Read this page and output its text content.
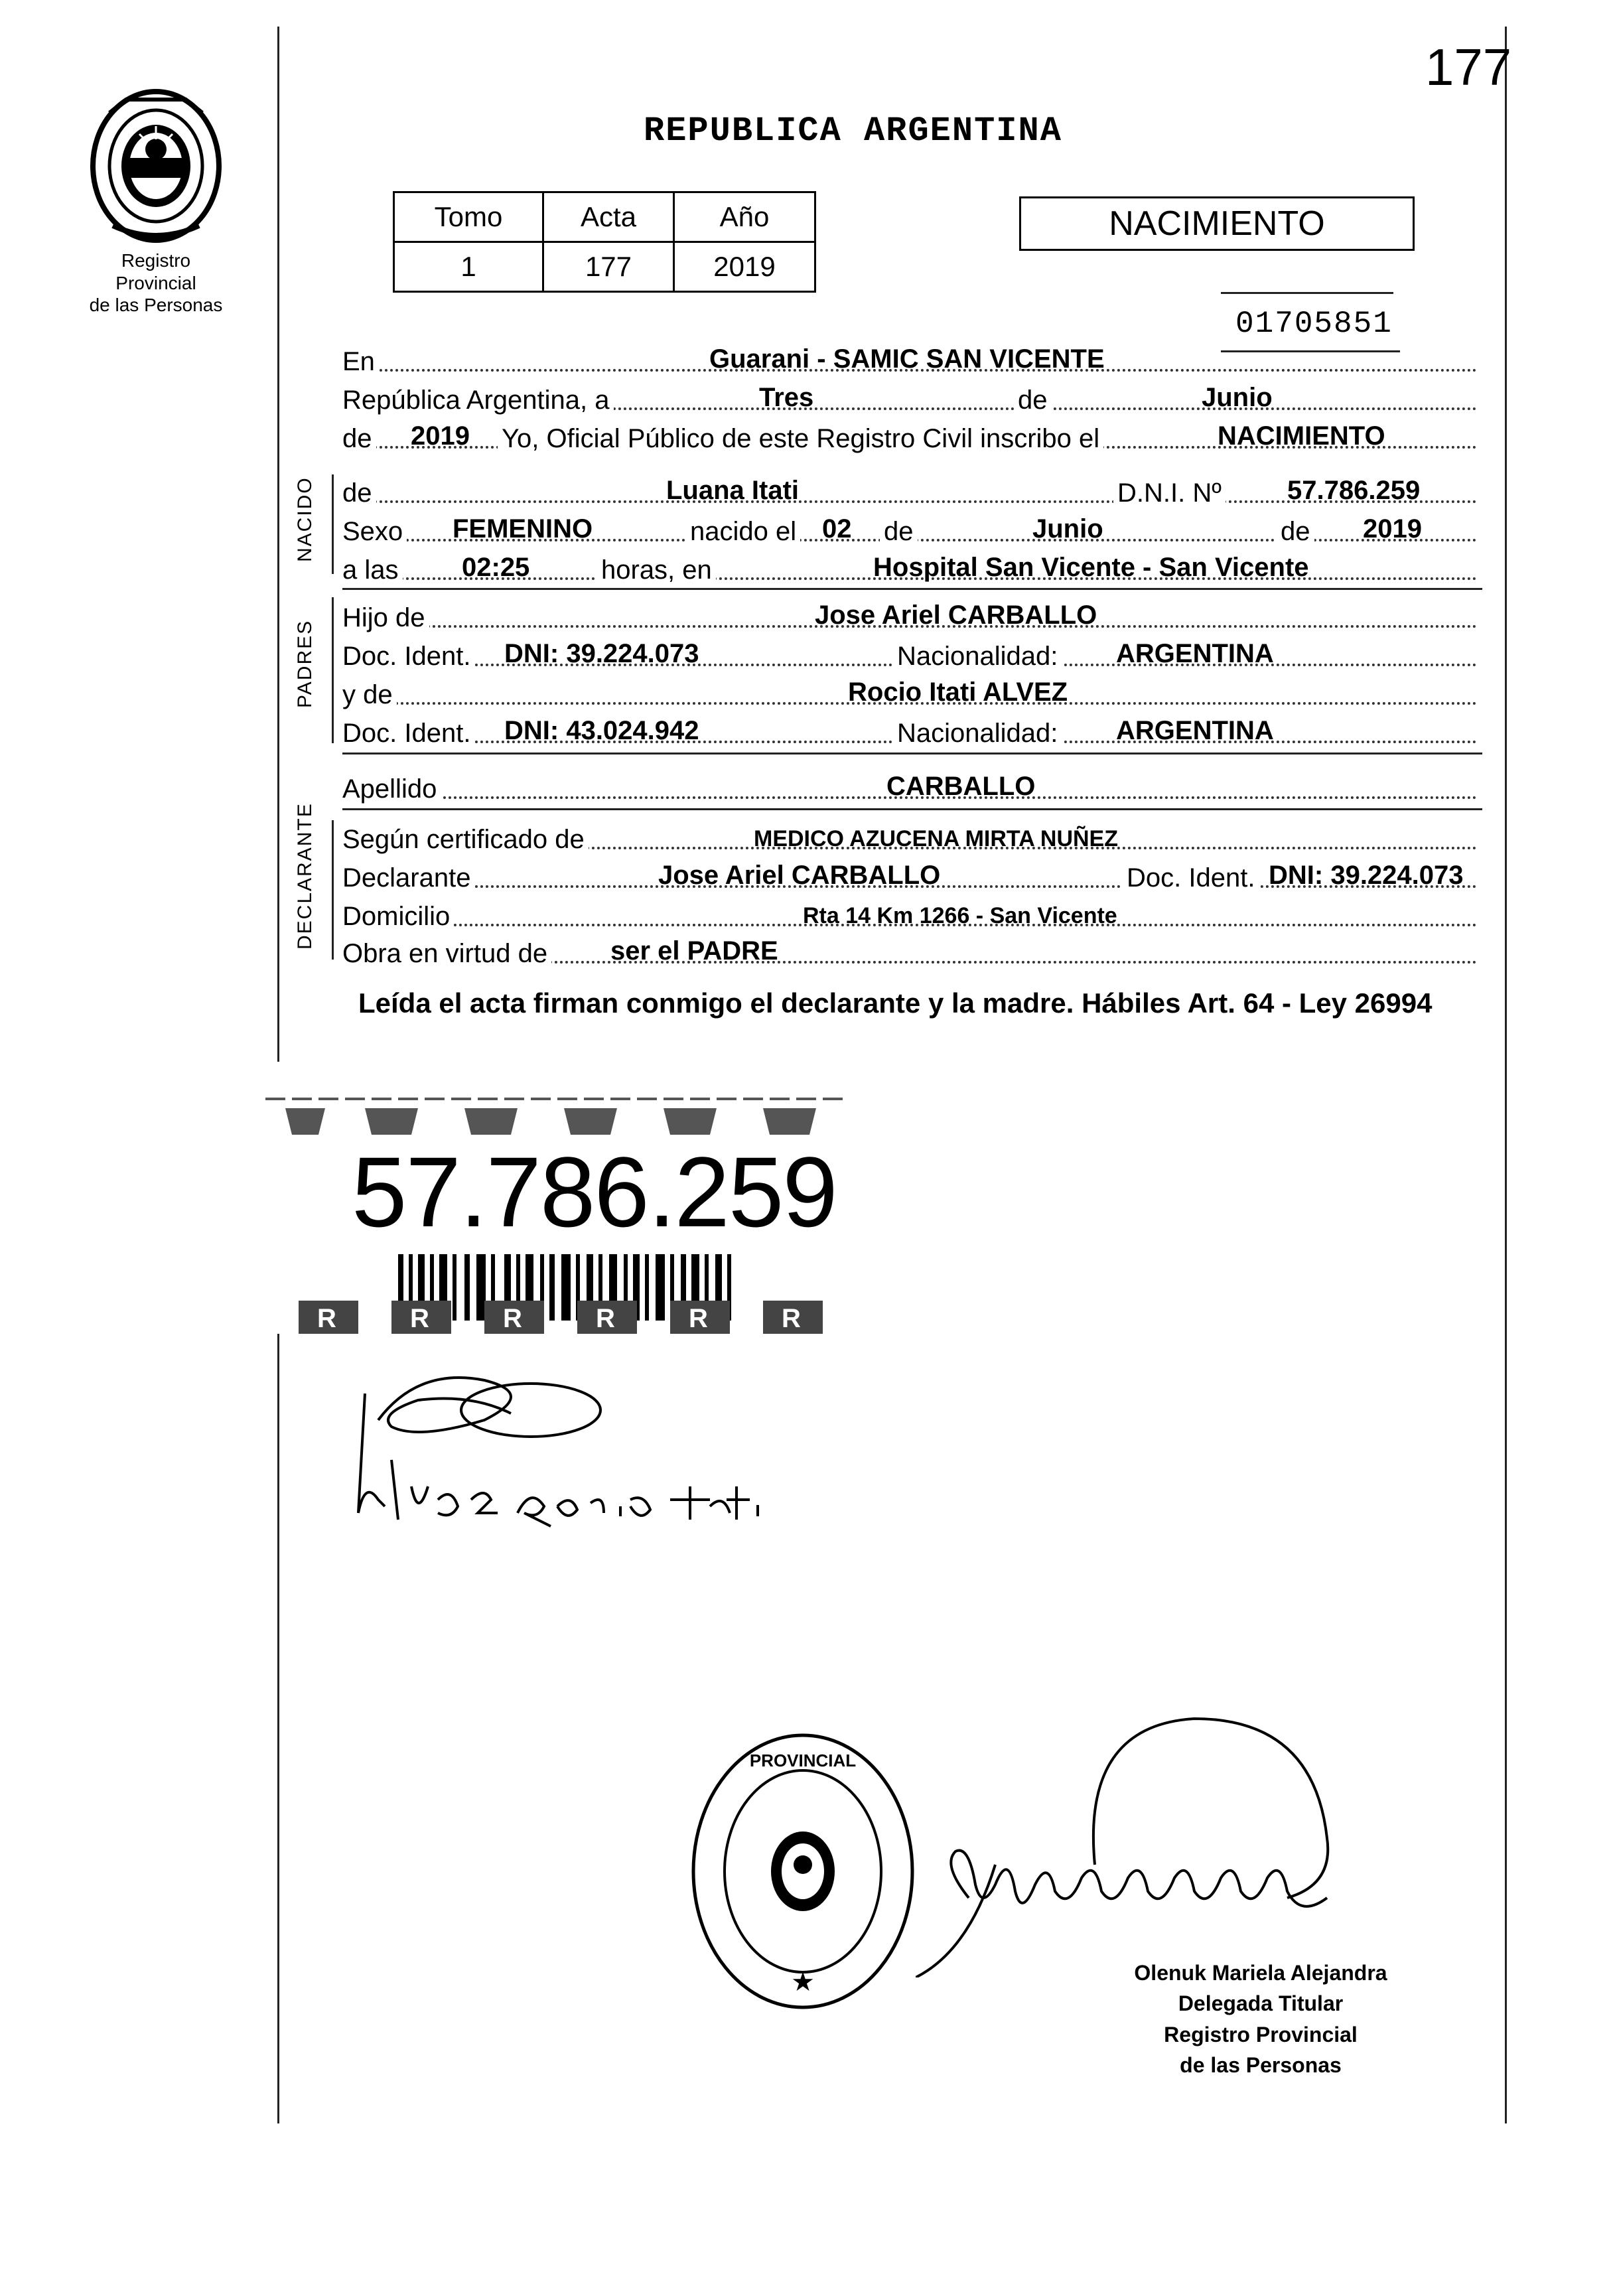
177
Registro Provincial
de las Personas
REPUBLICA ARGENTINA
Tomo	Acta	Año
1	177	2019
NACIMIENTO
01705851
En	Guarani - SAMIC SAN VICENTE
República Argentina, a	Tres	de	Junio
de 2019 Yo, Oficial Público de este Registro Civil inscribo el	NACIMIENTO
NACIDO de	Luana Itati	D.N.I. Nº 57.786.259
Sexo FEMENINO	nacido el 02 de	Junio	de 2019
a las 02:25	horas, en	Hospital San Vicente - San Vicente
PADRES
Hijo de	Jose Ariel CARBALLO
Doc. Ident. DNI: 39.224.073	Nacionalidad: ARGENTINA
y de	Rocio Itati ALVEZ
Doc. Ident. DNI: 43.024.942	Nacionalidad: ARGENTINA
Apellido	CARBALLO
DECLARANTE Según certificado de	MEDICO AZUCENA MIRTA NUÑEZ
Declarante	Jose Ariel CARBALLO	Doc. Ident. DNI: 39.224.073
Domicilio	Rta 14 Km 1266 - San Vicente
Obra en virtud de ser el PADRE
Leída el acta firman conmigo el declarante y la madre. Hábiles Art. 64 - Ley 26994
57.786.259
R	R	R	R	R	R
★
PROVINCIAL
Olenuk Mariela Alejandra
Delegada Titular
Registro Provincial
de las Personas
